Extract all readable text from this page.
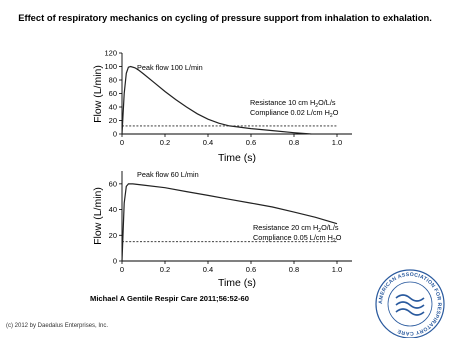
Effect of respiratory mechanics on cycling of pressure support from inhalation to exhalation.
0
20
40
60
80
100
120
0	0.2	0.4	0.6	0.8	1.0
Flow (L/min)
Time (s)
Peak flow 100 L/min
Resistance 10 cm $H_2O/L/s$
Compliance 0.02 L/cm $H_2O$
0
20
40
60
0	0.2	0.4	0.6	0.8	1.0
Flow (L/min)
Time (s)
Peak flow 60 L/min
Resistance 20 cm $H_2O/L/s$
Compliance 0.05 L/cm $H_2O$
AMERICAN ASSOCIATION FOR RESPIRATORY CARE
Michael A Gentile Respir Care 2011;56:52-60
(c) 2012 by Daedalus Enterprises, Inc.
